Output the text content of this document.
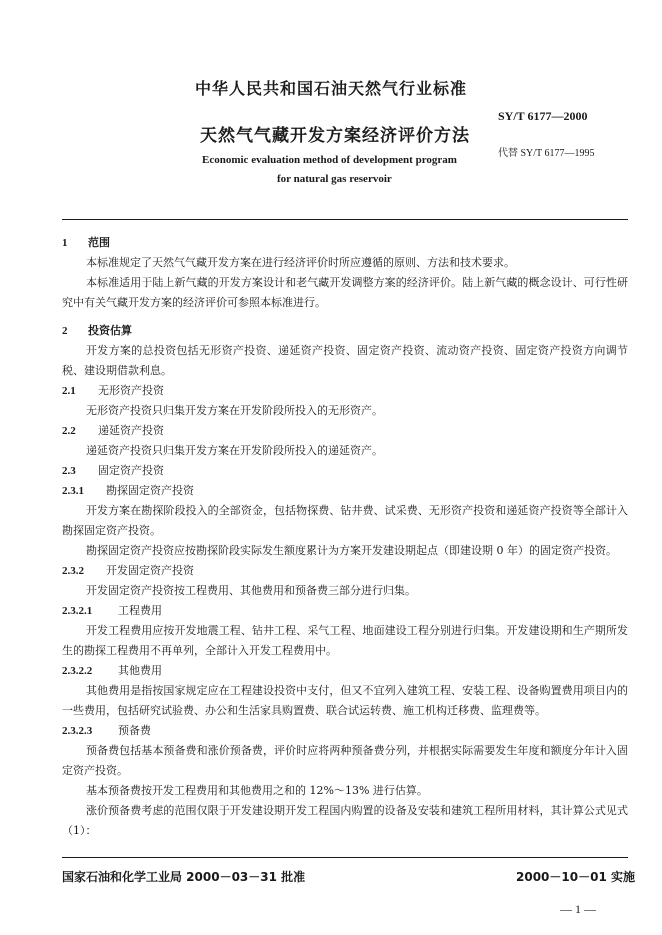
中华人民共和国石油天然气行业标准
SY/T 6177—2000
天然气气藏开发方案经济评价方法
代替 SY/T 6177—1995
Economic evaluation method of development program
for natural gas reservoir
1 范围
本标准规定了天然气气藏开发方案在进行经济评价时所应遵循的原则、方法和技术要求。
本标准适用于陆上新气藏的开发方案设计和老气藏开发调整方案的经济评价。陆上新气藏的概念设计、可行性研究中有关气藏开发方案的经济评价可参照本标准进行。
2 投资估算
开发方案的总投资包括无形资产投资、递延资产投资、固定资产投资、流动资产投资、固定资产投资方向调节税、建设期借款利息。
2.1 无形资产投资
无形资产投资只归集开发方案在开发阶段所投入的无形资产。
2.2 递延资产投资
递延资产投资只归集开发方案在开发阶段所投入的递延资产。
2.3 固定资产投资
2.3.1 勘探固定资产投资
开发方案在勘探阶段投入的全部资金，包括物探费、钻井费、试采费、无形资产投资和递延资产投资等全部计入勘探固定资产投资。
勘探固定资产投资应按勘探阶段实际发生额度累计为方案开发建设期起点（即建设期 0 年）的固定资产投资。
2.3.2 开发固定资产投资
开发固定资产投资按工程费用、其他费用和预备费三部分进行归集。
2.3.2.1 工程费用
开发工程费用应按开发地震工程、钻井工程、采气工程、地面建设工程分别进行归集。开发建设期和生产期所发生的勘探工程费用不再单列，全部计入开发工程费用中。
2.3.2.2 其他费用
其他费用是指按国家规定应在工程建设投资中支付，但又不宜列入建筑工程、安装工程、设备购置费用项目内的一些费用，包括研究试验费、办公和生活家具购置费、联合试运转费、施工机构迁移费、监理费等。
2.3.2.3 预备费
预备费包括基本预备费和涨价预备费，评价时应将两种预备费分列，并根据实际需要发生年度和额度分年计入固定资产投资。
基本预备费按开发工程费用和其他费用之和的 12%～13% 进行估算。
涨价预备费考虑的范围仅限于开发建设期开发工程国内购置的设备及安装和建筑工程所用材料，其计算公式见式（1）：
国家石油和化学工业局 2000－03－31 批准	2000－10－01 实施
— 1 —
